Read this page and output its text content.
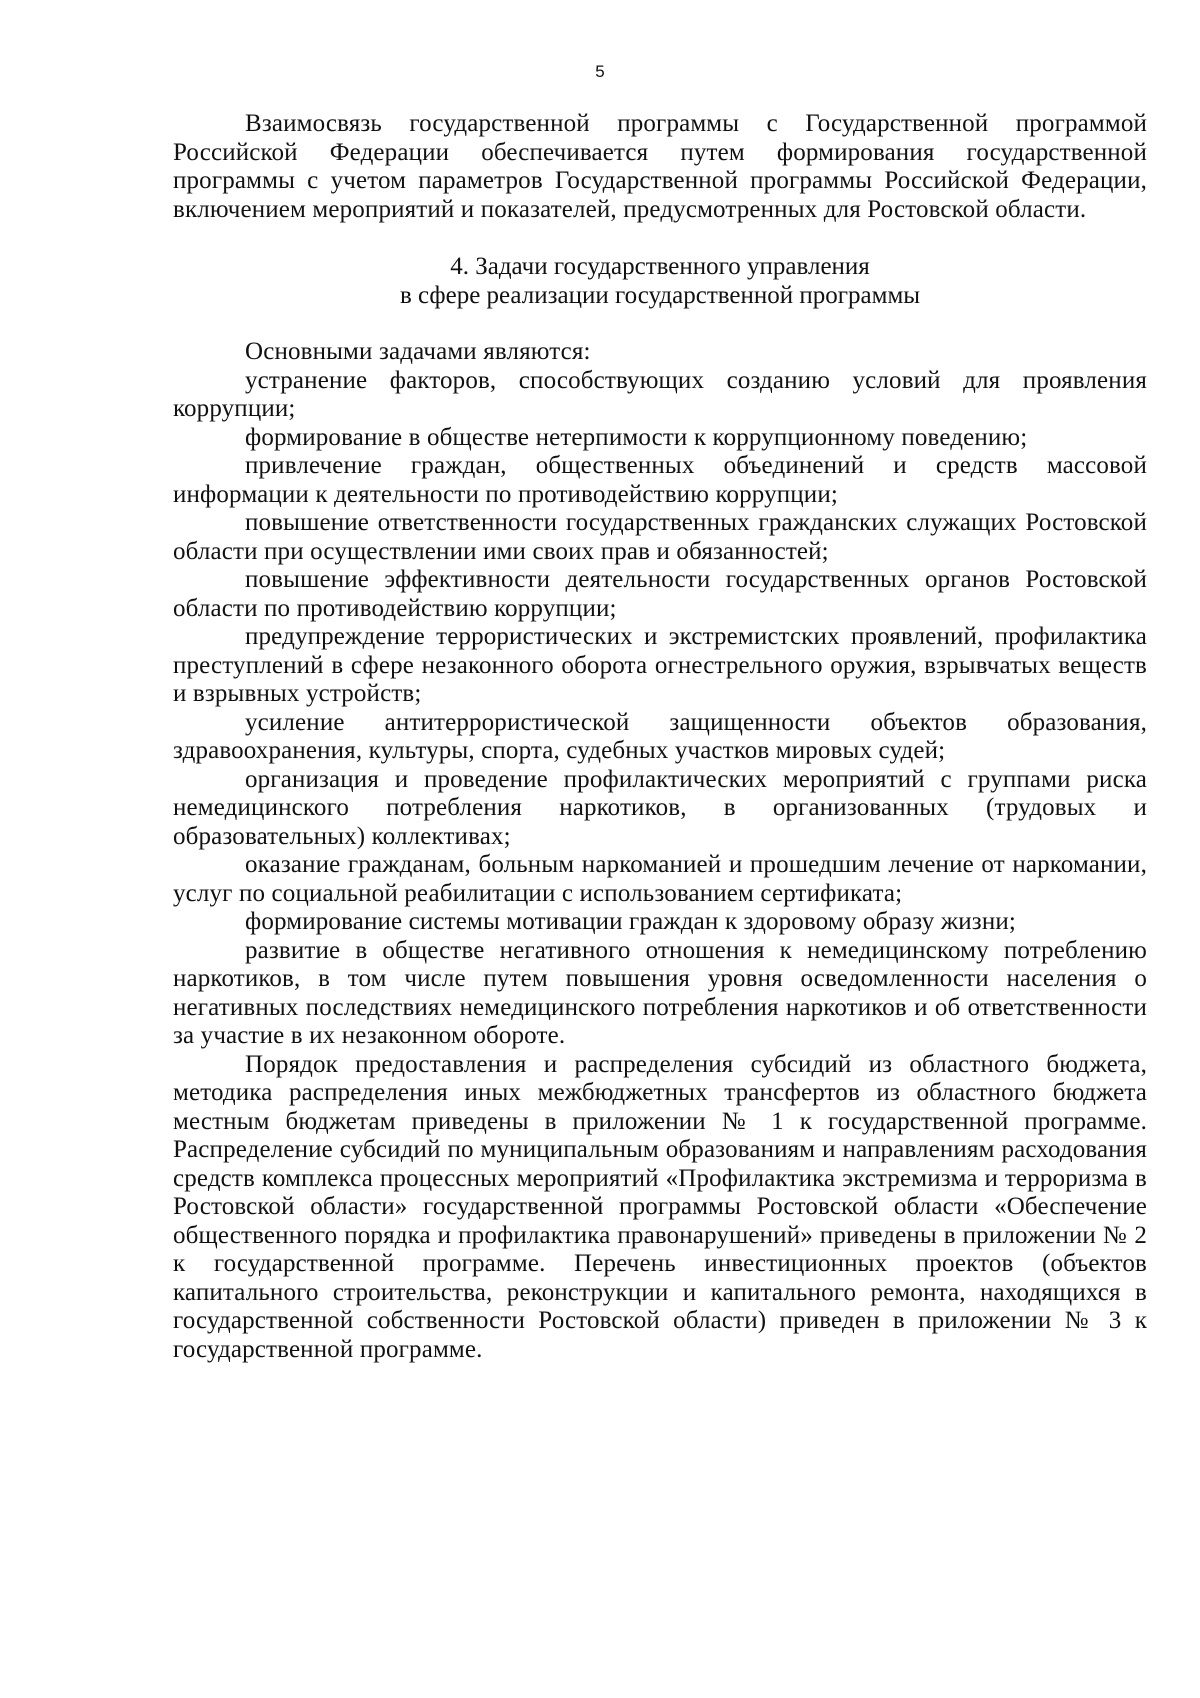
5

Взаимосвязь государственной программы с Государственной программой Российской Федерации обеспечивается путем формирования государственной программы с учетом параметров Государственной программы Российской Федерации, включением мероприятий и показателей, предусмотренных для Ростовской области.

4. Задачи государственного управления
в сфере реализации государственной программы

Основными задачами являются:

устранение факторов, способствующих созданию условий для проявления коррупции;

формирование в обществе нетерпимости к коррупционному поведению;

привлечение граждан, общественных объединений и средств массовой информации к деятельности по противодействию коррупции;

повышение ответственности государственных гражданских служащих Ростовской области при осуществлении ими своих прав и обязанностей;

повышение эффективности деятельности государственных органов Ростовской области по противодействию коррупции;

предупреждение террористических и экстремистских проявлений, профилактика преступлений в сфере незаконного оборота огнестрельного оружия, взрывчатых веществ и взрывных устройств;

усиление антитеррористической защищенности объектов образования, здравоохранения, культуры, спорта, судебных участков мировых судей;

организация и проведение профилактических мероприятий с группами риска немедицинского потребления наркотиков, в организованных (трудовых и образовательных) коллективах;

оказание гражданам, больным наркоманией и прошедшим лечение от наркомании, услуг по социальной реабилитации с использованием сертификата;

формирование системы мотивации граждан к здоровому образу жизни;

развитие в обществе негативного отношения к немедицинскому потреблению наркотиков, в том числе путем повышения уровня осведомленности населения о негативных последствиях немедицинского потребления наркотиков и об ответственности за участие в их незаконном обороте.

Порядок предоставления и распределения субсидий из областного бюджета, методика распределения иных межбюджетных трансфертов из областного бюджета местным бюджетам приведены в приложении № 1 к государственной программе. Распределение субсидий по муниципальным образованиям и направлениям расходования средств комплекса процессных мероприятий «Профилактика экстремизма и терроризма в Ростовской области» государственной программы Ростовской области «Обеспечение общественного порядка и профилактика правонарушений» приведены в приложении № 2 к государственной программе. Перечень инвестиционных проектов (объектов капитального строительства, реконструкции и капитального ремонта, находящихся в государственной собственности Ростовской области) приведен в приложении № 3 к государственной программе.
